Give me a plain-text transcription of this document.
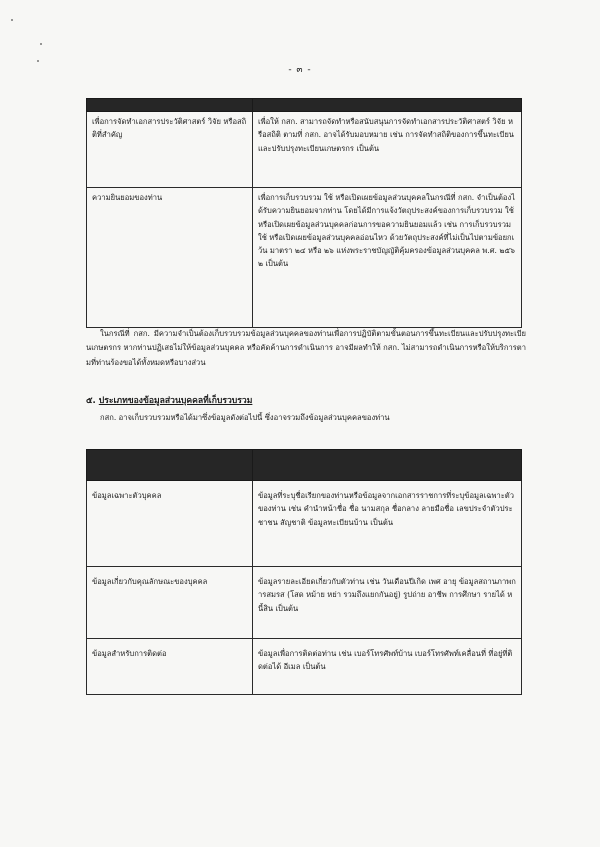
- ๓ -

เพื่อการจัดทำเอกสารประวัติศาสตร์ วิจัย หรือสถิติที่สำคัญ	เพื่อให้ กสก. สามารถจัดทำหรือสนับสนุนการจัดทำเอกสารประวัติศาสตร์ วิจัย หรือสถิติ ตามที่ กสก. อาจได้รับมอบหมาย เช่น การจัดทำสถิติของการขึ้นทะเบียนและปรับปรุงทะเบียนเกษตรกร เป็นต้น
ความยินยอมของท่าน	เพื่อการเก็บรวบรวม ใช้ หรือเปิดเผยข้อมูลส่วนบุคคลในกรณีที่ กสก. จำเป็นต้องได้รับความยินยอมจากท่าน โดยได้มีการแจ้งวัตถุประสงค์ของการเก็บรวบรวม ใช้ หรือเปิดเผยข้อมูลส่วนบุคคลก่อนการขอความยินยอมแล้ว เช่น การเก็บรวบรวม ใช้ หรือเปิดเผยข้อมูลส่วนบุคคลอ่อนไหว ด้วยวัตถุประสงค์ที่ไม่เป็นไปตามข้อยกเว้น มาตรา ๒๔ หรือ ๒๖ แห่งพระราชบัญญัติคุ้มครองข้อมูลส่วนบุคคล พ.ศ. ๒๕๖๒ เป็นต้น
ในกรณีที่ กสก. มีความจำเป็นต้องเก็บรวบรวมข้อมูลส่วนบุคคลของท่านเพื่อการปฏิบัติตามขั้นตอนการขึ้นทะเบียนและปรับปรุงทะเบียนเกษตรกร หากท่านปฏิเสธไม่ให้ข้อมูลส่วนบุคคล หรือคัดค้านการดำเนินการ อาจมีผลทำให้ กสก. ไม่สามารถดำเนินการหรือให้บริการตามที่ท่านร้องขอได้ทั้งหมดหรือบางส่วน
๕. ประเภทของข้อมูลส่วนบุคคลที่เก็บรวบรวม
กสก. อาจเก็บรวบรวมหรือได้มาซึ่งข้อมูลดังต่อไปนี้ ซึ่งอาจรวมถึงข้อมูลส่วนบุคคลของท่าน

ข้อมูลเฉพาะตัวบุคคล	ข้อมูลที่ระบุชื่อเรียกของท่านหรือข้อมูลจากเอกสารราชการที่ระบุข้อมูลเฉพาะตัวของท่าน เช่น คำนำหน้าชื่อ ชื่อ นามสกุล ชื่อกลาง ลายมือชื่อ เลขประจำตัวประชาชน สัญชาติ ข้อมูลทะเบียนบ้าน เป็นต้น
ข้อมูลเกี่ยวกับคุณลักษณะของบุคคล	ข้อมูลรายละเอียดเกี่ยวกับตัวท่าน เช่น วันเดือนปีเกิด เพศ อายุ ข้อมูลสถานภาพการสมรส (โสด หม้าย หย่า รวมถึงแยกกันอยู่) รูปถ่าย อาชีพ การศึกษา รายได้ หนี้สิน เป็นต้น
ข้อมูลสำหรับการติดต่อ	ข้อมูลเพื่อการติดต่อท่าน เช่น เบอร์โทรศัพท์บ้าน เบอร์โทรศัพท์เคลื่อนที่ ที่อยู่ที่ติดต่อได้ อีเมล เป็นต้น
